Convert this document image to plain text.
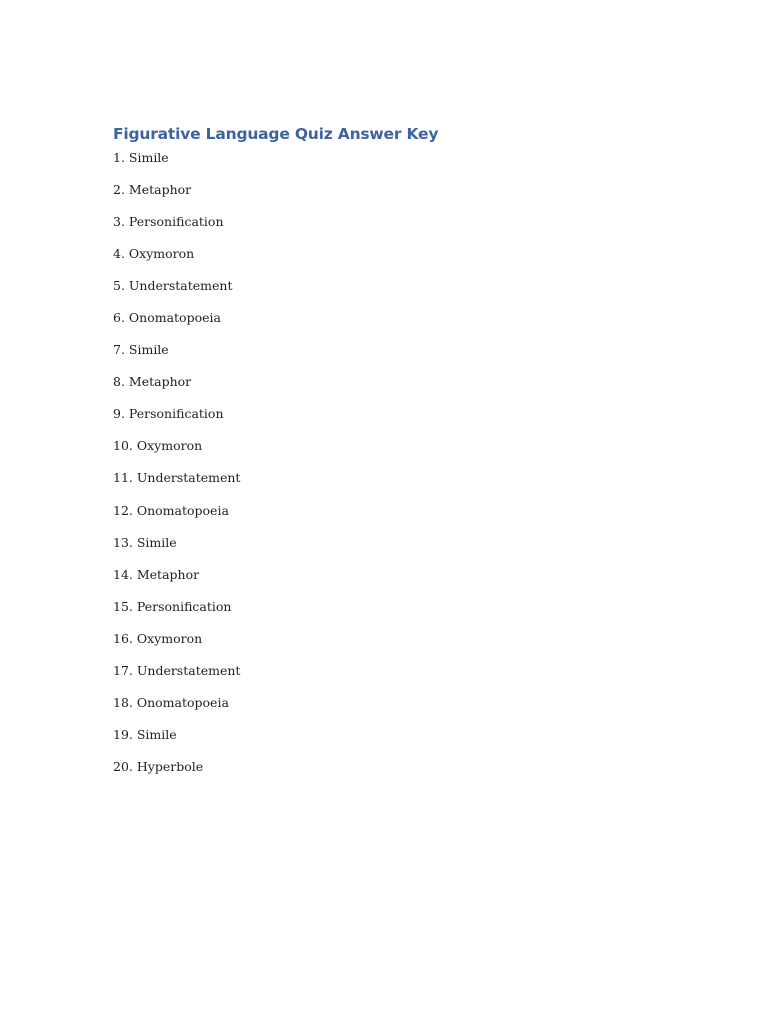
Figurative Language Quiz Answer Key
1. Simile
2. Metaphor
3. Personification
4. Oxymoron
5. Understatement
6. Onomatopoeia
7. Simile
8. Metaphor
9. Personification
10. Oxymoron
11. Understatement
12. Onomatopoeia
13. Simile
14. Metaphor
15. Personification
16. Oxymoron
17. Understatement
18. Onomatopoeia
19. Simile
20. Hyperbole
